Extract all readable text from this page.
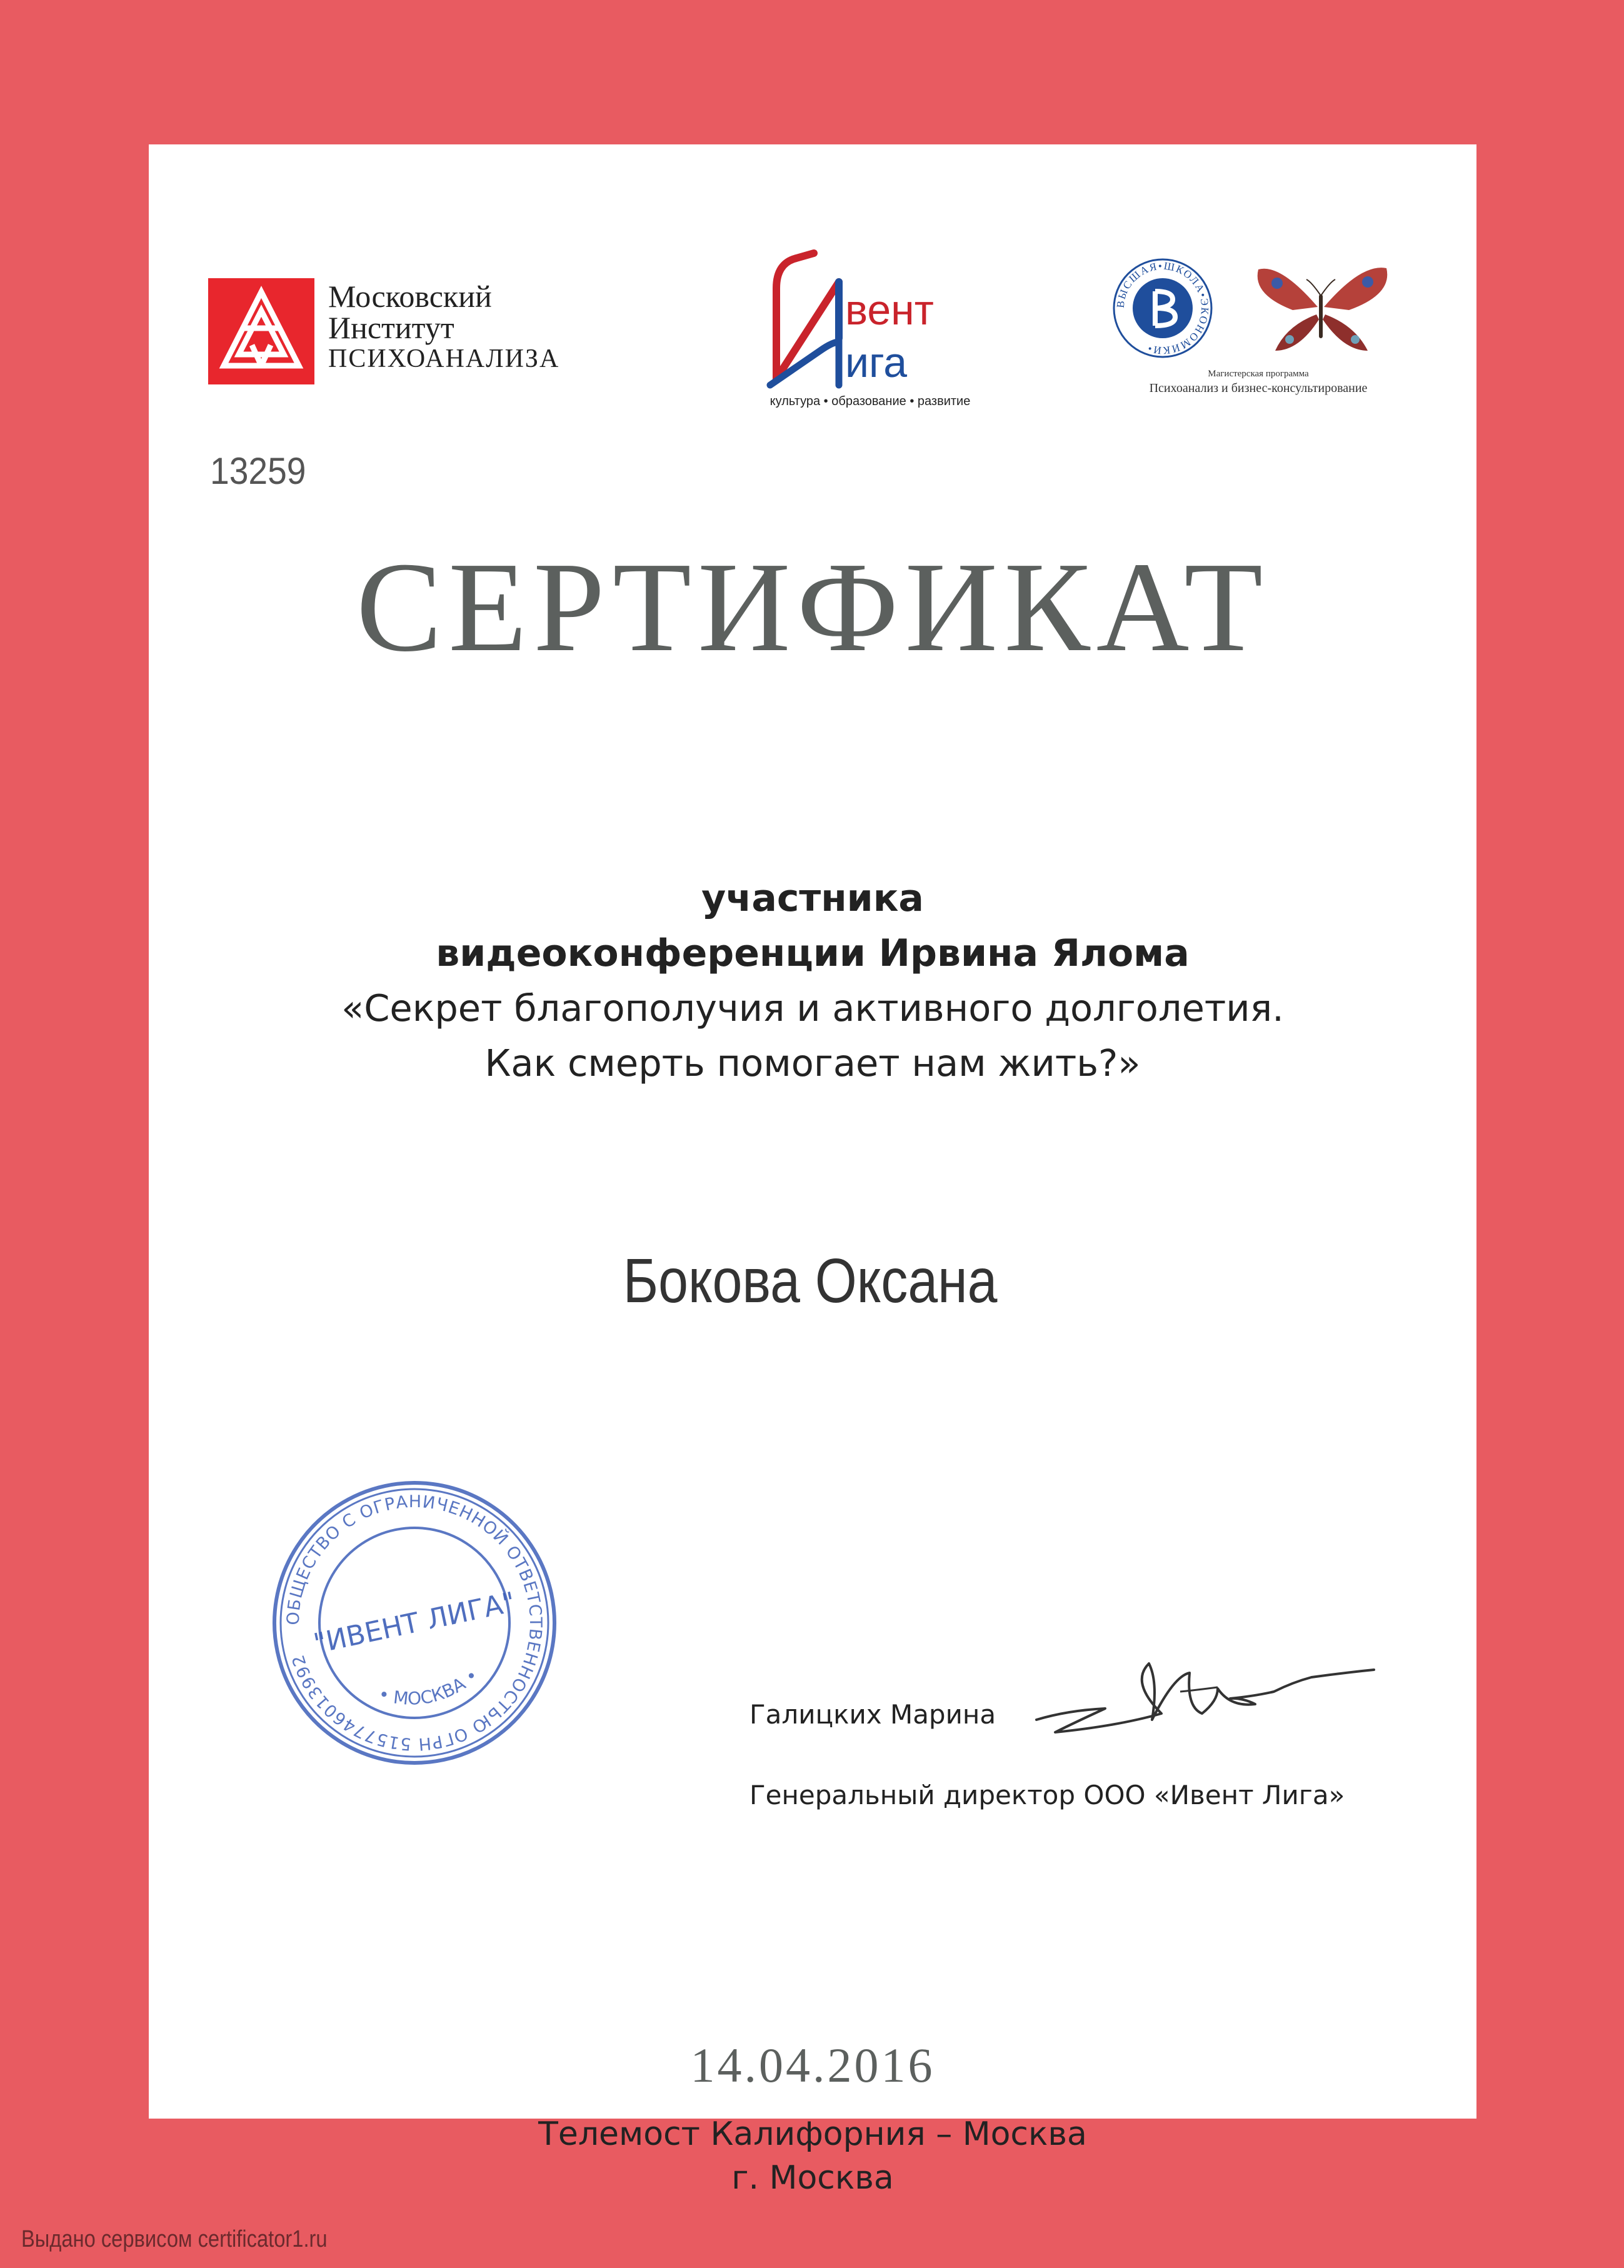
Московский
Институт
ПСИХОАНАЛИЗА
вент
ига
культура • образование • развитие
ВЫСШАЯ•ШКОЛА•ЭКОНОМИКИ•
Магистерская программа
Психоанализ и бизнес-консультирование
13259
СЕРТИФИКАТ
участника
видеоконференции Ирвина Ялома
«Секрет благополучия и активного долголетия.
Как смерть помогает нам жить?»
Бокова Оксана
ОБЩЕСТВО С ОГРАНИЧЕННОЙ ОТВЕТСТВЕННОСТЬЮ ОГРН 5157746013992
"ИВЕНТ ЛИГА"
• МОСКВА •
Галицких Марина
Генеральный директор ООО «Ивент Лига»
14.04.2016
Телемост Калифорния – Москва
г. Москва
Выдано сервисом certificator1.ru
